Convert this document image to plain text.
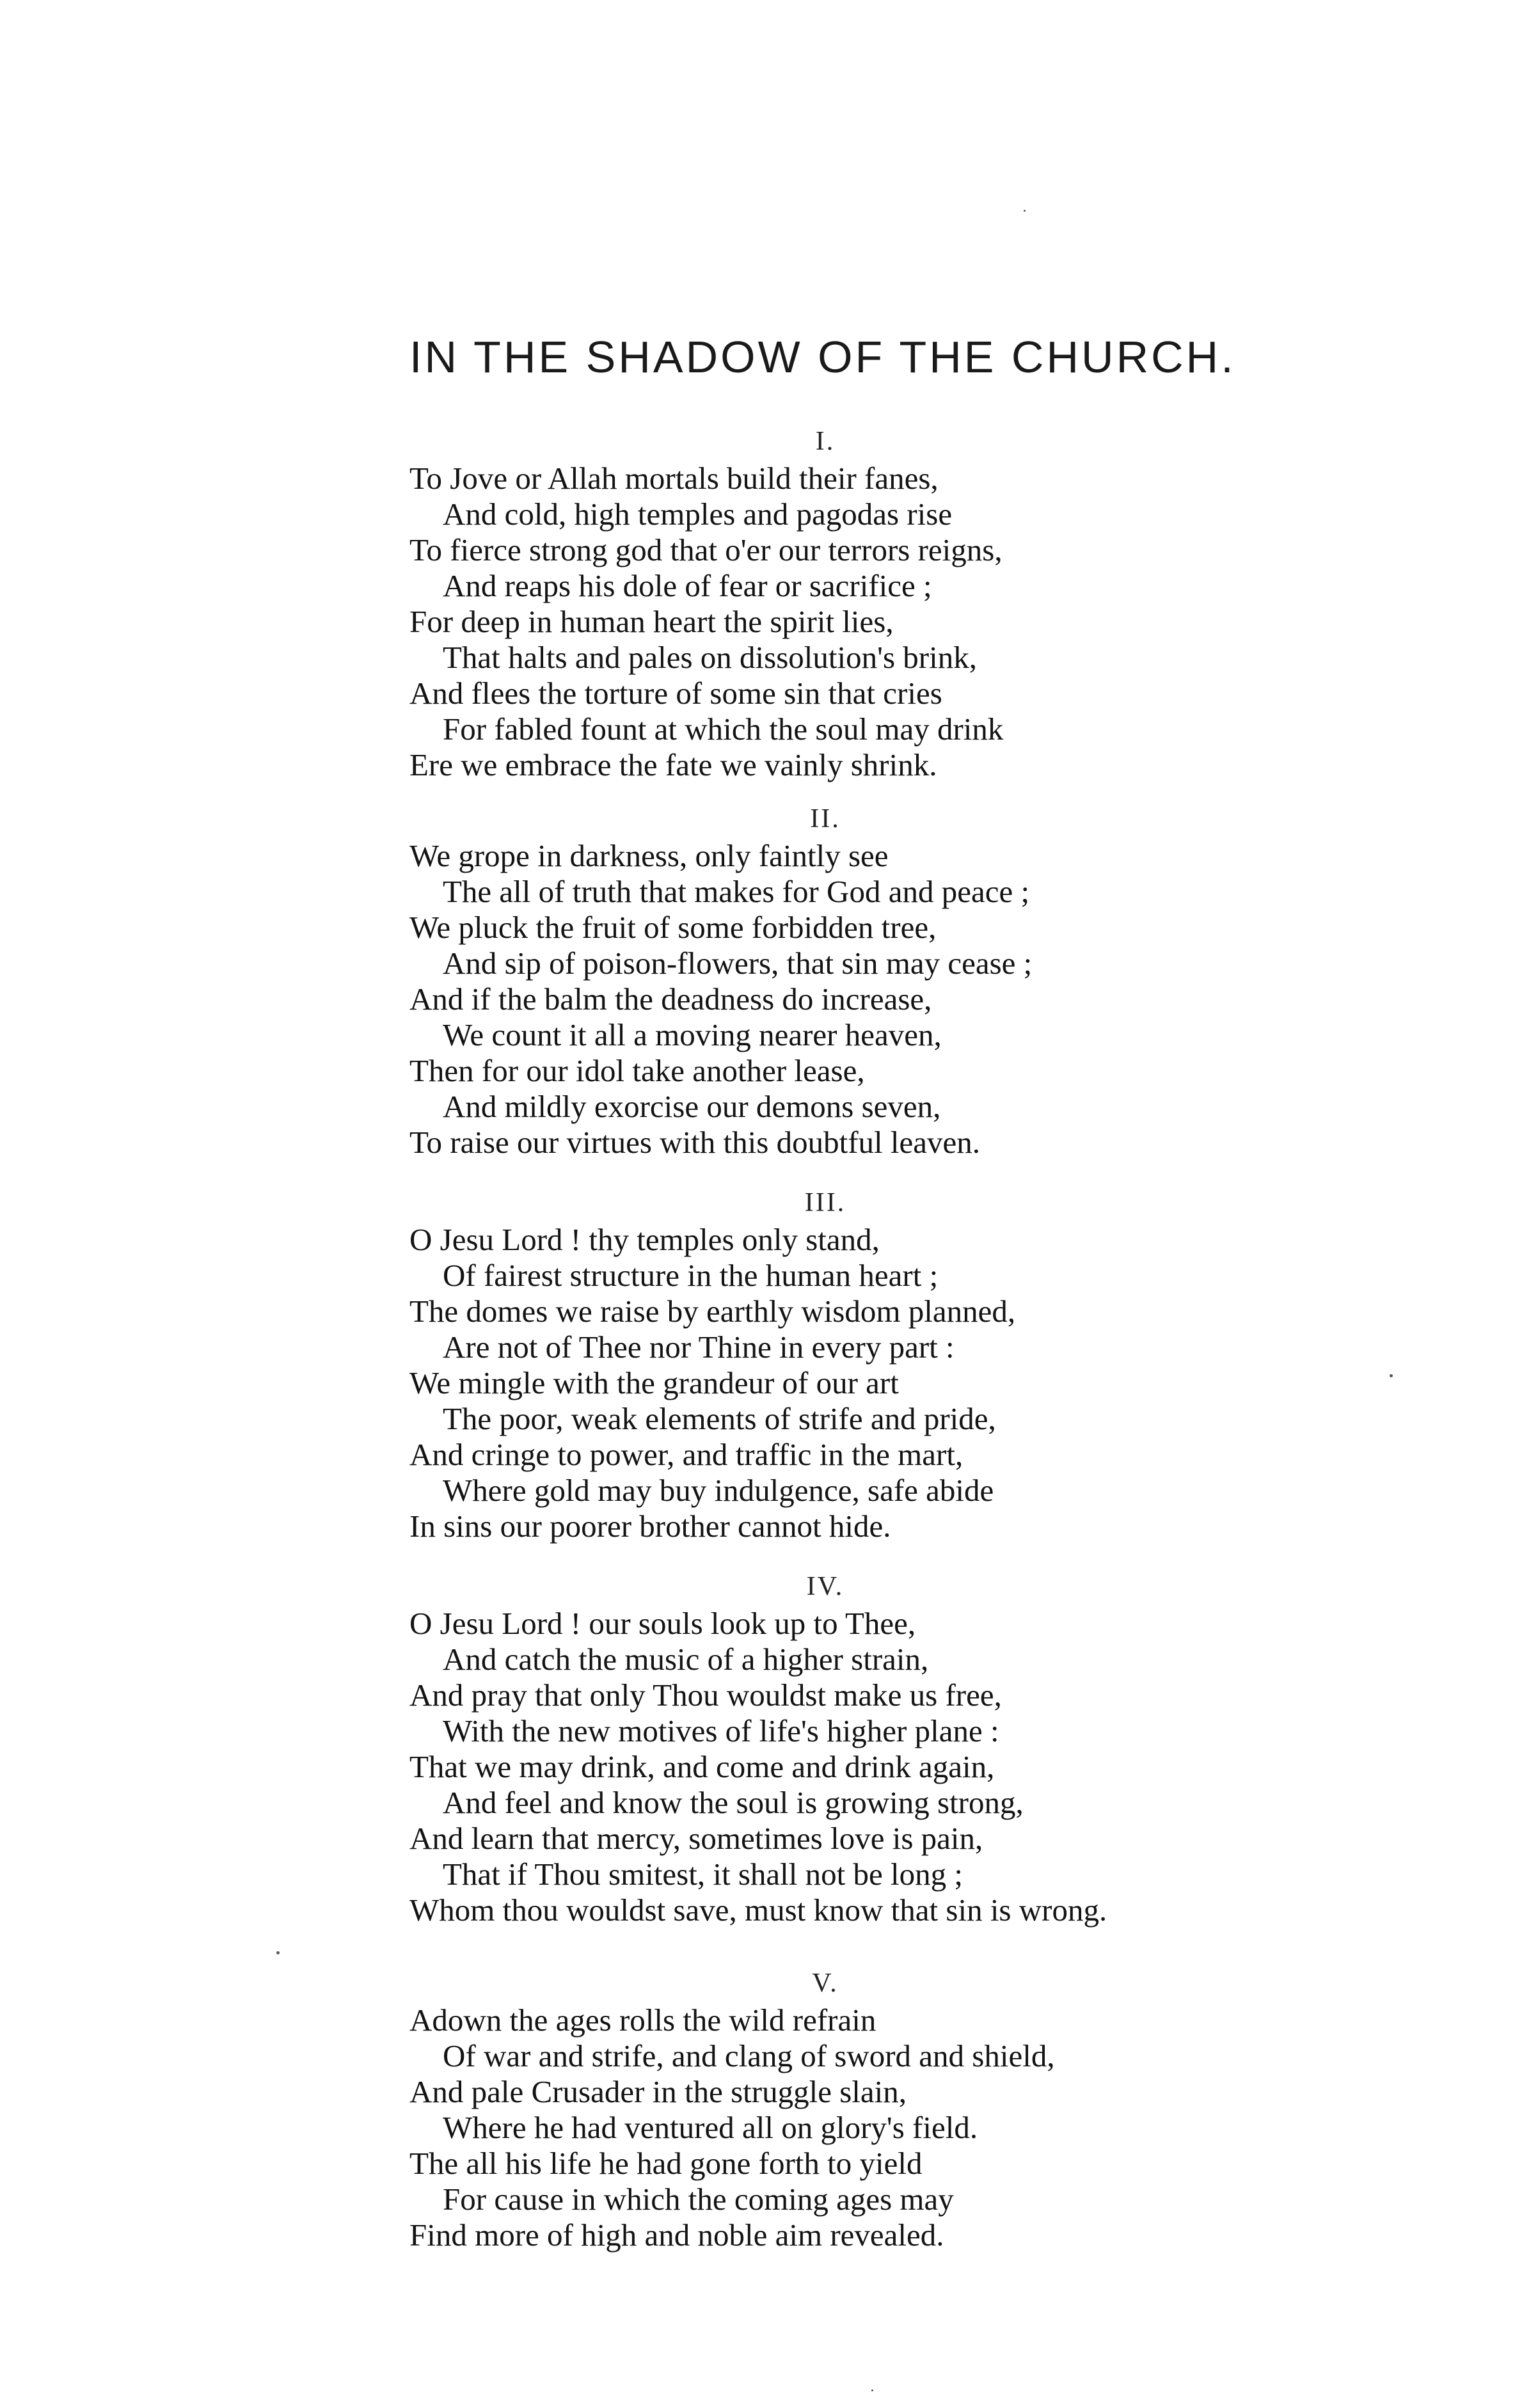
IN THE SHADOW OF THE CHURCH.
I.
To Jove or Allah mortals build their fanes,
And cold, high temples and pagodas rise
To fierce strong god that o'er our terrors reigns,
And reaps his dole of fear or sacrifice ;
For deep in human heart the spirit lies,
That halts and pales on dissolution's brink,
And flees the torture of some sin that cries
For fabled fount at which the soul may drink
Ere we embrace the fate we vainly shrink.
II.
We grope in darkness, only faintly see
The all of truth that makes for God and peace ;
We pluck the fruit of some forbidden tree,
And sip of poison-flowers, that sin may cease ;
And if the balm the deadness do increase,
We count it all a moving nearer heaven,
Then for our idol take another lease,
And mildly exorcise our demons seven,
To raise our virtues with this doubtful leaven.
III.
O Jesu Lord ! thy temples only stand,
Of fairest structure in the human heart ;
The domes we raise by earthly wisdom planned,
Are not of Thee nor Thine in every part :
We mingle with the grandeur of our art
The poor, weak elements of strife and pride,
And cringe to power, and traffic in the mart,
Where gold may buy indulgence, safe abide
In sins our poorer brother cannot hide.
IV.
O Jesu Lord ! our souls look up to Thee,
And catch the music of a higher strain,
And pray that only Thou wouldst make us free,
With the new motives of life's higher plane :
That we may drink, and come and drink again,
And feel and know the soul is growing strong,
And learn that mercy, sometimes love is pain,
That if Thou smitest, it shall not be long ;
Whom thou wouldst save, must know that sin is wrong.
V.
Adown the ages rolls the wild refrain
Of war and strife, and clang of sword and shield,
And pale Crusader in the struggle slain,
Where he had ventured all on glory's field.
The all his life he had gone forth to yield
For cause in which the coming ages may
Find more of high and noble aim revealed.
